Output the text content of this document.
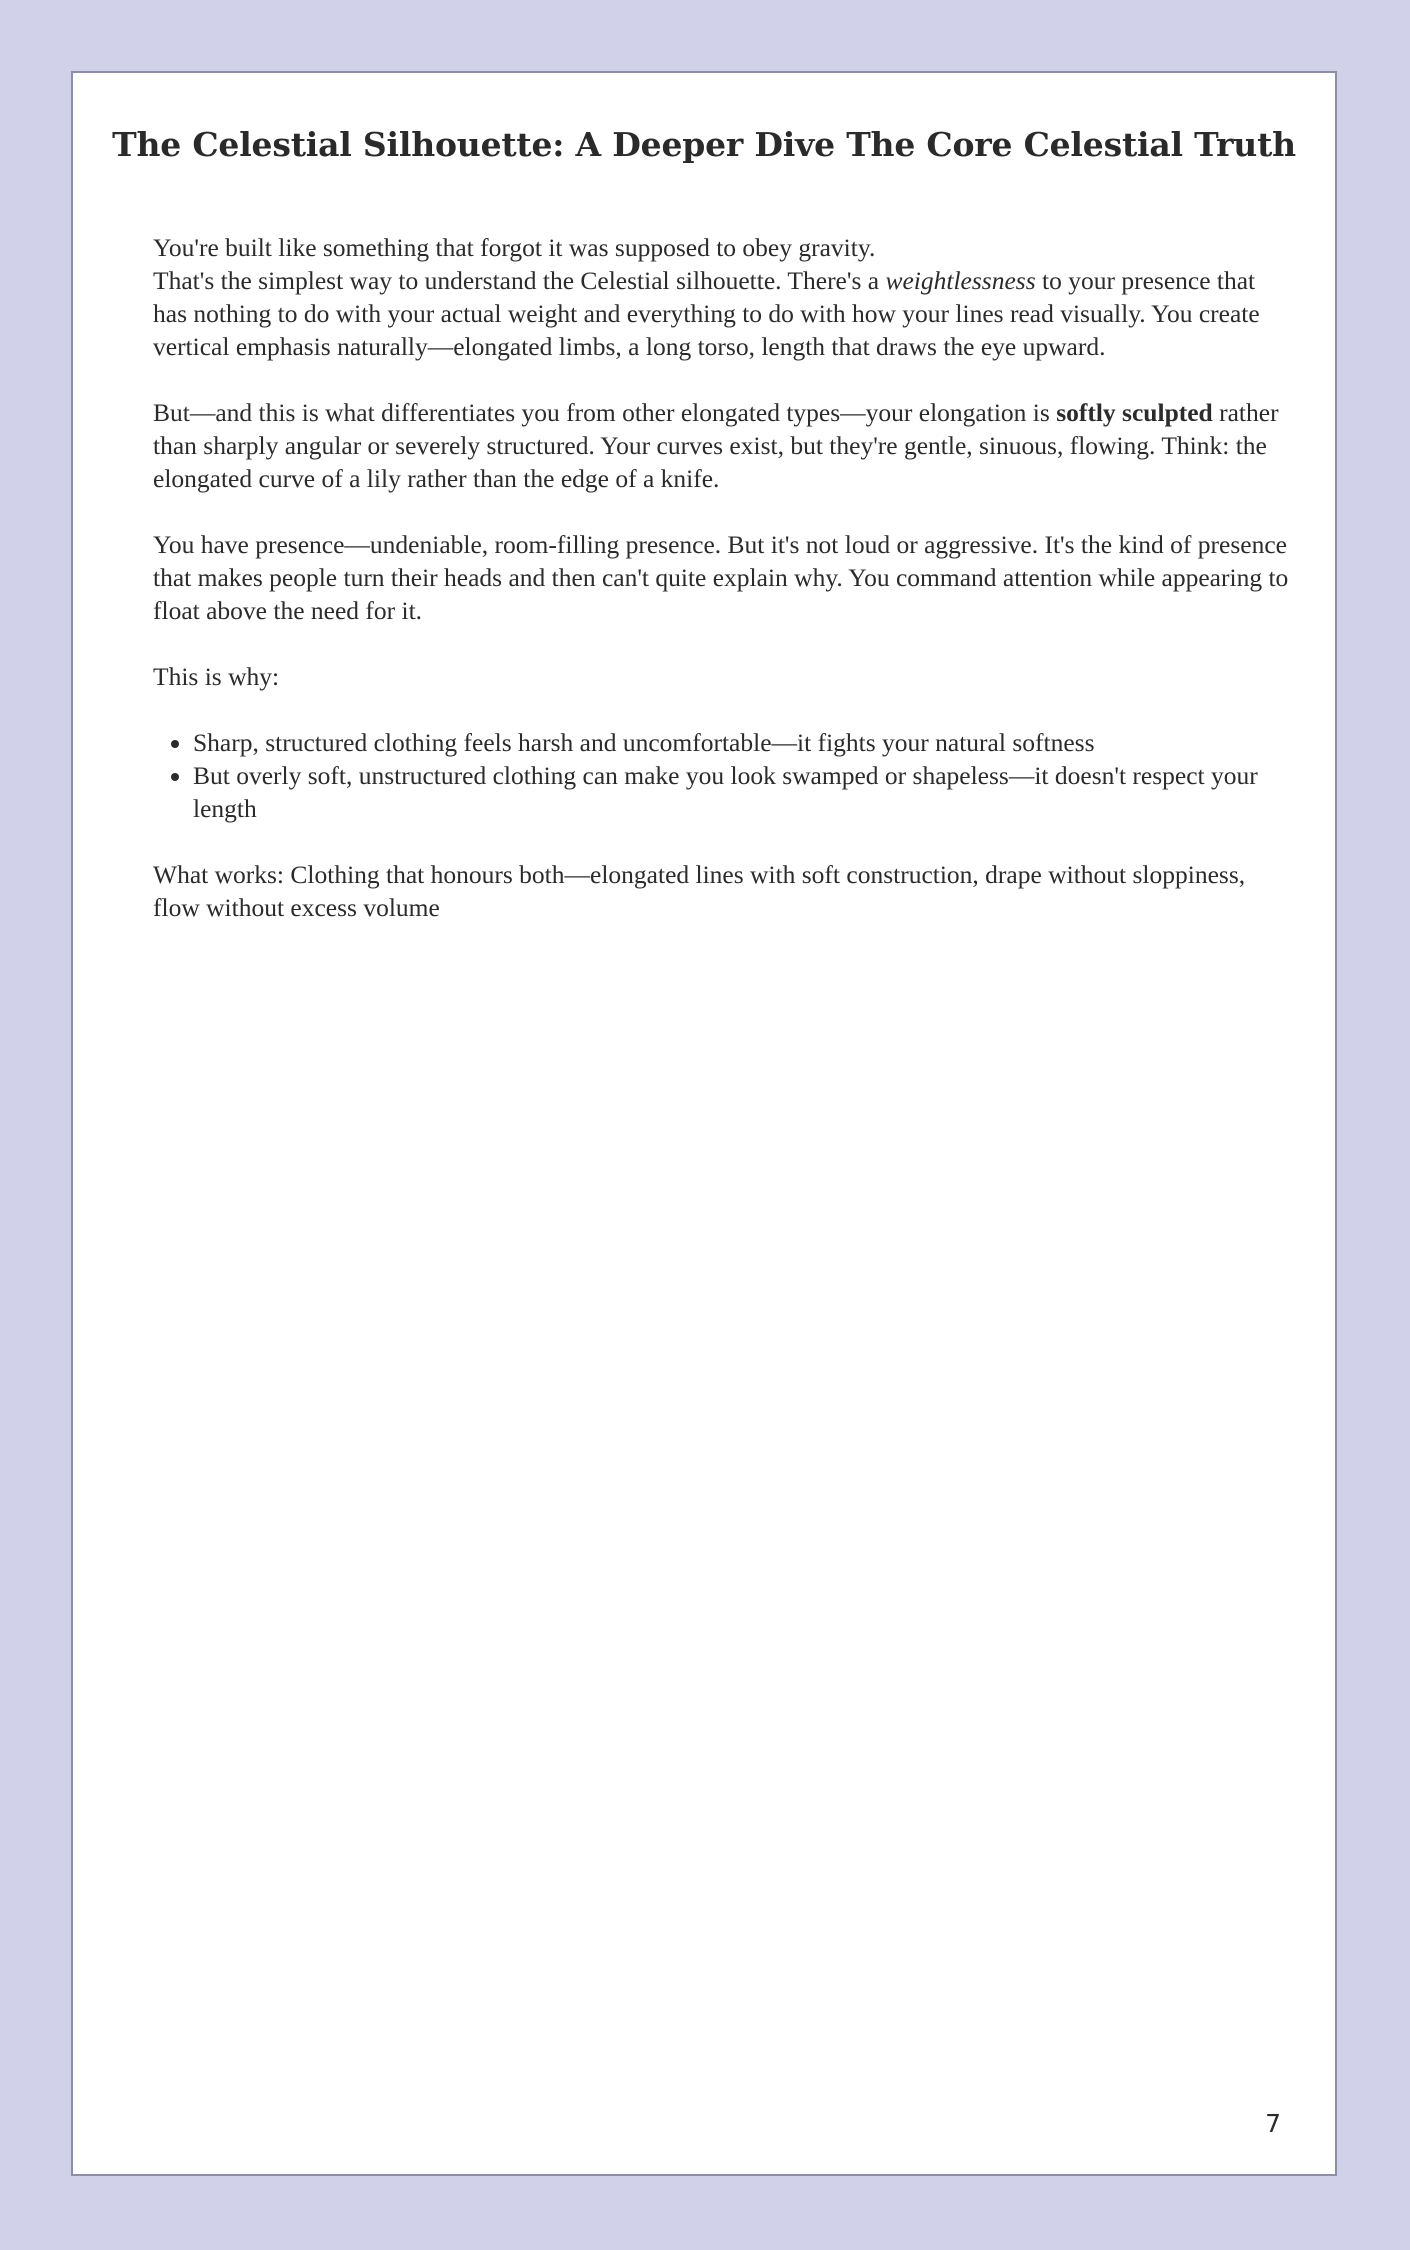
The Celestial Silhouette: A Deeper Dive The Core Celestial Truth

You're built like something that forgot it was supposed to obey gravity.
That's the simplest way to understand the Celestial silhouette. There's a weightlessness to your presence that has nothing to do with your actual weight and everything to do with how your lines read visually. You create vertical emphasis naturally—elongated limbs, a long torso, length that draws the eye upward.

But—and this is what differentiates you from other elongated types—your elongation is softly sculpted rather than sharply angular or severely structured. Your curves exist, but they're gentle, sinuous, flowing. Think: the elongated curve of a lily rather than the edge of a knife.

You have presence—undeniable, room-filling presence. But it's not loud or aggressive. It's the kind of presence that makes people turn their heads and then can't quite explain why. You command attention while appearing to float above the need for it.

This is why:

• Sharp, structured clothing feels harsh and uncomfortable—it fights your natural softness
• But overly soft, unstructured clothing can make you look swamped or shapeless—it doesn't respect your length

What works: Clothing that honours both—elongated lines with soft construction, drape without sloppiness, flow without excess volume

7
